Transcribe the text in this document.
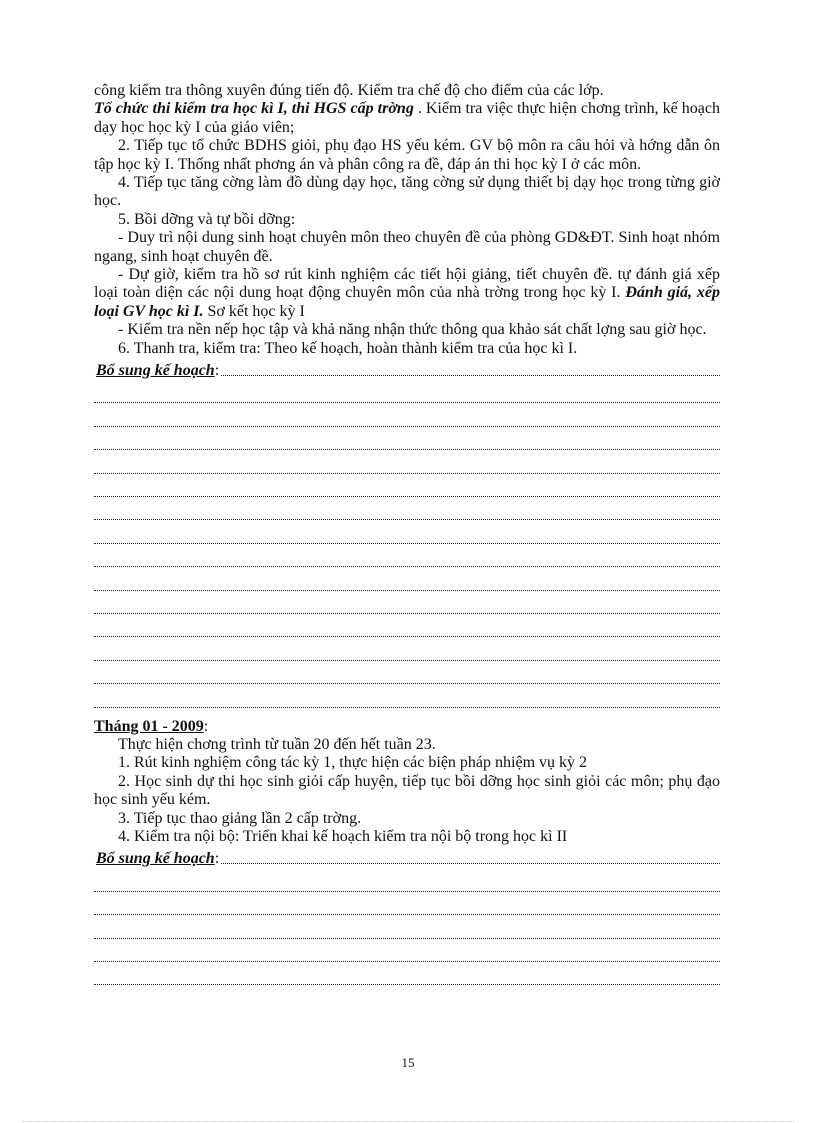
công kiểm tra thông xuyên đúng tiến độ. Kiểm tra chế độ cho điểm của các lớp.
Tổ chức thi kiểm tra học kì I, thi HGS cấp trờng . Kiểm tra việc thực hiện chơng trình, kế hoạch dạy học học kỳ I của giáo viên;

2. Tiếp tục tổ chức BDHS giỏi, phụ đạo HS yếu kém. GV bộ môn ra câu hỏi và hớng dẫn ôn tập học kỳ I. Thống nhất phơng án và phân công ra đề, đáp án thi học kỳ I ở các môn.

4. Tiếp tục tăng cờng làm đồ dùng dạy học, tăng cờng sử dụng thiết bị dạy học trong từng giờ học.

5. Bồi dỡng và tự bồi dỡng:

- Duy trì nội dung sinh hoạt chuyên môn theo chuyên đề của phòng GD&ĐT. Sinh hoạt nhóm ngang, sinh hoạt chuyên đề.

- Dự giờ, kiểm tra hồ sơ rút kinh nghiệm các tiết hội giảng, tiết chuyên đề. tự đánh giá xếp loại toàn diện các nội dung hoạt động chuyên môn của nhà trờng trong học kỳ I. Đánh giá, xếp loại GV học kì I. Sơ kết học kỳ I

- Kiểm tra nền nếp học tập và khả năng nhận thức thông qua khảo sát chất lợng sau giờ học.

6. Thanh tra, kiểm tra: Theo kế hoạch, hoàn thành kiểm tra của học kì I.

Bổ sung kế hoạch :
Tháng 01 - 2009:

Thực hiện chơng trình từ tuần 20 đến hết tuần 23.

1. Rút kinh nghiệm công tác kỳ 1, thực hiện các biện pháp nhiệm vụ kỳ 2

2. Học sinh dự thi học sinh giỏi cấp huyện, tiếp tục bồi dỡng học sinh giỏi các môn; phụ đạo học sinh yếu kém.

3. Tiếp tục thao giảng lần 2 cấp trờng.

4. Kiểm tra nội bộ: Triển khai kế hoạch kiểm tra nội bộ trong học kì II

Bổ sung kế hoạch :
15
